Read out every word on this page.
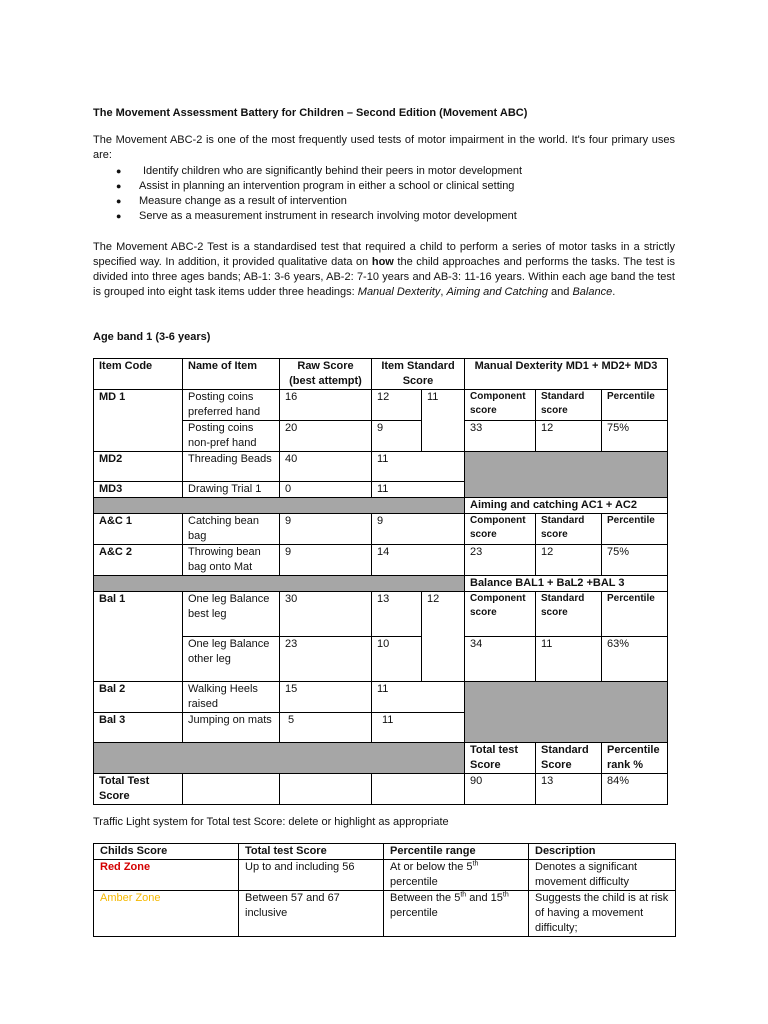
The Movement Assessment Battery for Children – Second Edition (Movement ABC)
The Movement ABC-2 is one of the most frequently used tests of motor impairment in the world. It's four primary uses are:
● Identify children who are significantly behind their peers in motor development
● Assist in planning an intervention program in either a school or clinical setting
● Measure change as a result of intervention
● Serve as a measurement instrument in research involving motor development
The Movement ABC-2 Test is a standardised test that required a child to perform a series of motor tasks in a strictly specified way. In addition, it provided qualitative data on how the child approaches and performs the tasks. The test is divided into three ages bands; AB-1: 3-6 years, AB-2: 7-10 years and AB-3: 11-16 years. Within each age band the test is grouped into eight task items udder three headings: Manual Dexterity, Aiming and Catching and Balance.
Age band 1 (3-6 years)
Item Code	Name of Item	Raw Score (best attempt)	Item Standard Score		Manual Dexterity MD1 + MD2+ MD3		
MD 1	Posting coins preferred hand	16	12	11	Component score	Standard score	Percentile
	Posting coins non-pref hand	20	9		33	12	75%
MD2	Threading Beads	40	11				
MD3	Drawing Trial 1	0	11				
					Aiming and catching AC1 + AC2		
A&C 1	Catching bean bag	9	9		Component score	Standard score	Percentile
A&C 2	Throwing bean bag onto Mat	9	14		23	12	75%
					Balance BAL1 + BaL2 +BAL 3		
Bal 1	One leg Balance best leg	30	13	12	Component score	Standard score	Percentile
	One leg Balance other leg	23	10		34	11	63%
Bal 2	Walking Heels raised	15	11				
Bal 3	Jumping on mats	5	11				
					Total test Score	Standard Score	Percentile rank %
Total Test Score					90	13	84%
Traffic Light system for Total test Score: delete or highlight as appropriate
Childs Score	Total test Score	Percentile range	Description
Red Zone	Up to and including 56	At or below the 5th percentile	Denotes a significant movement difficulty
Amber Zone	Between 57 and 67 inclusive	Between the 5th and 15th percentile	Suggests the child is at risk of having a movement difficulty;
